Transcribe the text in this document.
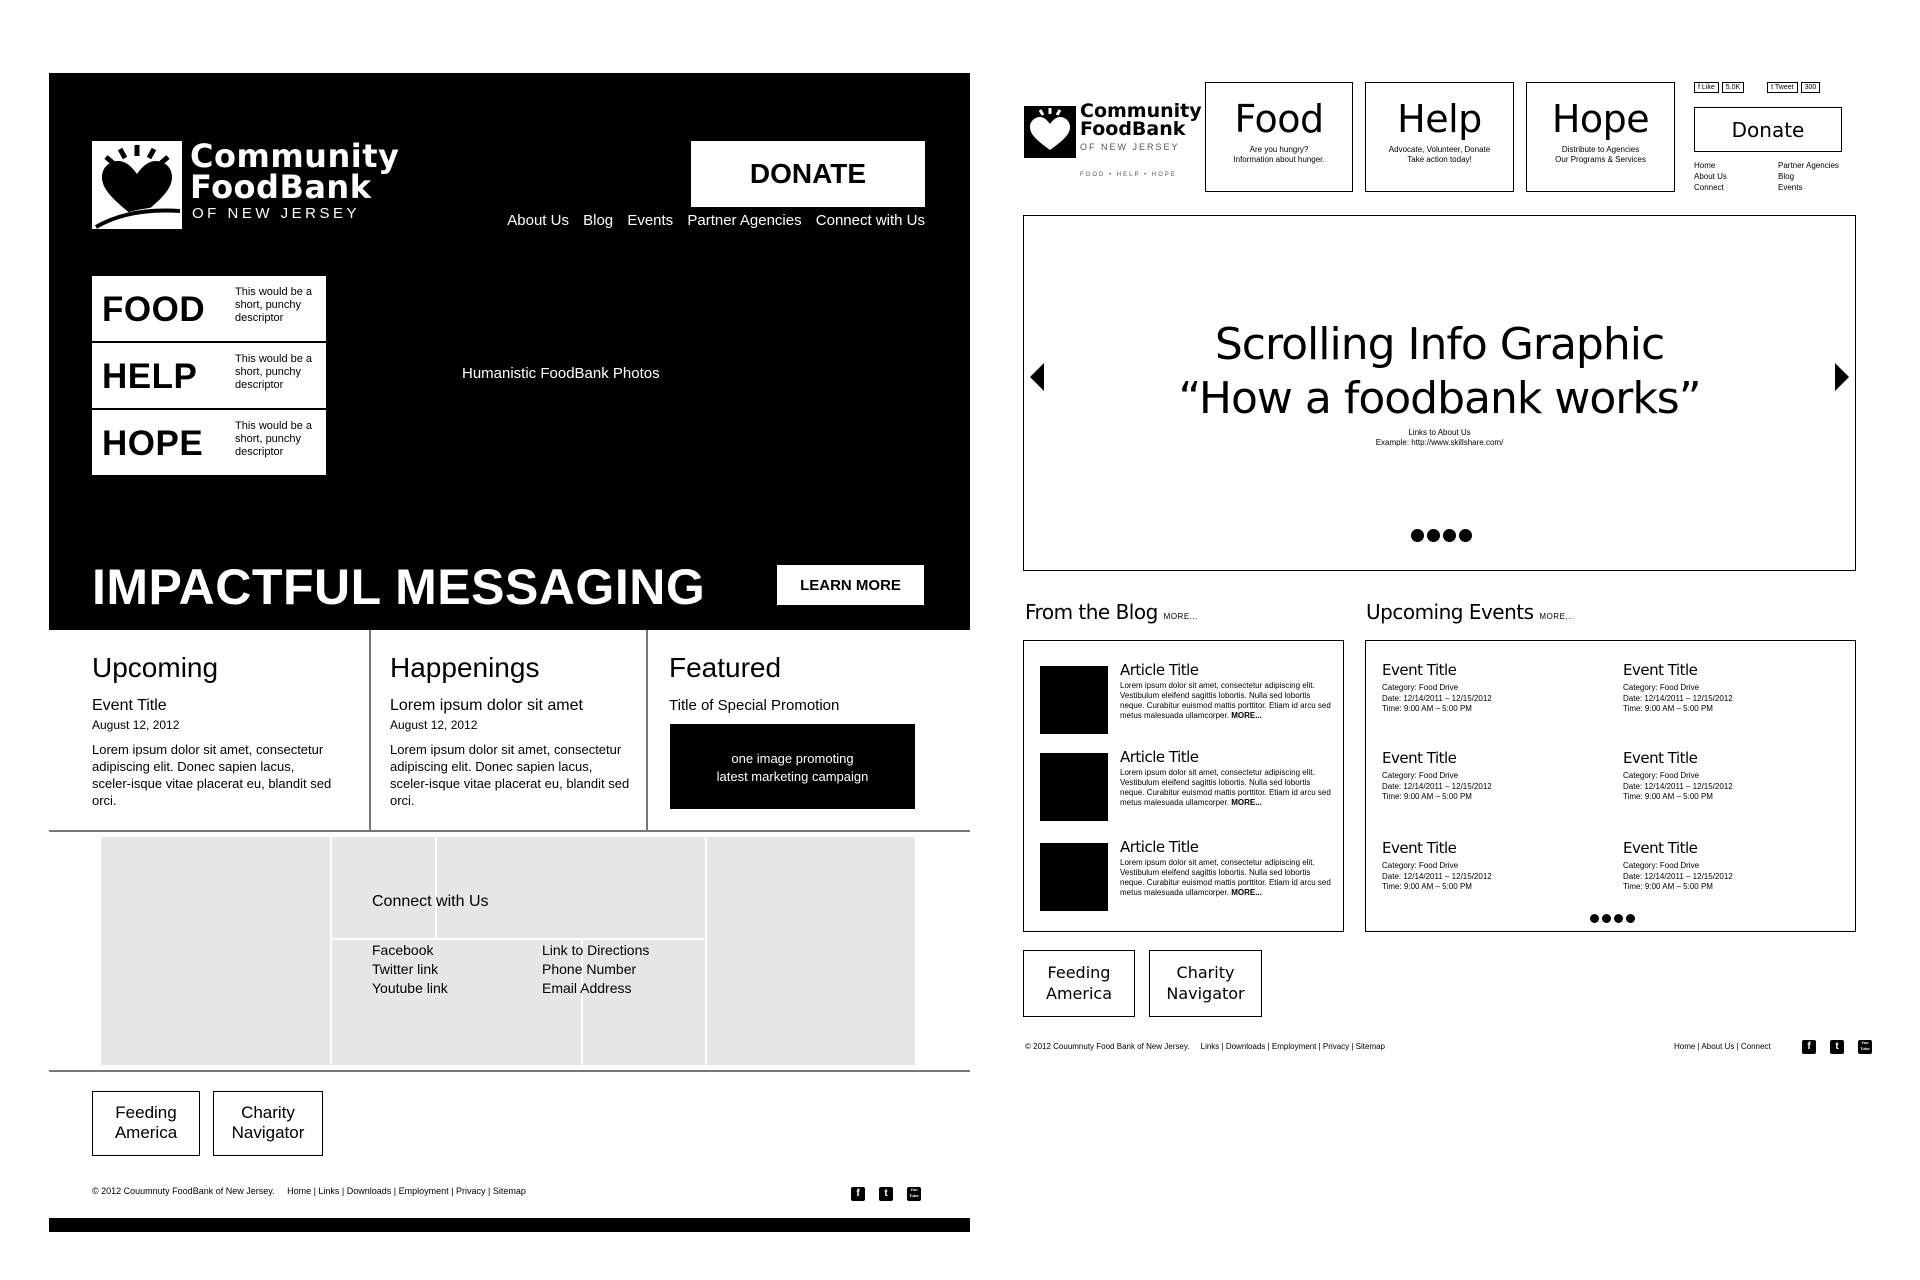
Community
FoodBank
OF NEW JERSEY
DONATE
About Us Blog Events Partner Agencies Connect with Us
FOOD	This would be a short, punchy descriptor
HELP	This would be a short, punchy descriptor
HOPE	This would be a short, punchy descriptor
Humanistic FoodBank Photos
IMPACTFUL MESSAGING	LEARN MORE
Upcoming
Event Title
August 12, 2012
Lorem ipsum dolor sit amet, consectetur adipiscing elit. Donec sapien lacus, sceler-isque vitae placerat eu, blandit sed orci.
Happenings
Lorem ipsum dolor sit amet
August 12, 2012
Lorem ipsum dolor sit amet, consectetur adipiscing elit. Donec sapien lacus, sceler-isque vitae placerat eu, blandit sed orci.
Featured
Title of Special Promotion
one image promoting
latest marketing campaign
Connect with Us
Facebook
Twitter link
Youtube link
Link to Directions
Phone Number
Email Address
Feeding
America
Charity
Navigator
© 2012 Couumnuty FoodBank of New Jersey. Home | Links | Downloads | Employment | Privacy | Sitemap	f	t	You Tube
Community
FoodBank
OF NEW JERSEY
FOOD • HELP • HOPE
Food
Are you hungry?
Information about hunger.
Help
Advocate, Volunteer, Donate
Take action today!
Hope
Distribute to Agencies
Our Programs & Services
f Like	5.0K	t Tweet	300
Donate
Home
About Us
Connect
Partner Agencies
Blog
Events
Scrolling Info Graphic
“How a foodbank works”
Links to About Us
Example: http://www.skillshare.com/
From the Blog MORE...	Upcoming Events MORE...
Article Title
Lorem ipsum dolor sit amet, consectetur adipiscing elit. Vestibulum eleifend sagittis lobortis. Nulla sed lobortis neque. Curabitur euismod mattis porttitor. Etiam id arcu sed metus malesuada ullamcorper. MORE...
Article Title
Lorem ipsum dolor sit amet, consectetur adipiscing elit. Vestibulum eleifend sagittis lobortis. Nulla sed lobortis neque. Curabitur euismod mattis porttitor. Etiam id arcu sed metus malesuada ullamcorper. MORE...
Article Title
Lorem ipsum dolor sit amet, consectetur adipiscing elit. Vestibulum eleifend sagittis lobortis. Nulla sed lobortis neque. Curabitur euismod mattis porttitor. Etiam id arcu sed metus malesuada ullamcorper. MORE...
Event Title
Category: Food Drive
Date: 12/14/2011 – 12/15/2012
Time: 9:00 AM – 5:00 PM
Event Title
Category: Food Drive
Date: 12/14/2011 – 12/15/2012
Time: 9:00 AM – 5:00 PM
Event Title
Category: Food Drive
Date: 12/14/2011 – 12/15/2012
Time: 9:00 AM – 5:00 PM
Event Title
Category: Food Drive
Date: 12/14/2011 – 12/15/2012
Time: 9:00 AM – 5:00 PM
Event Title
Category: Food Drive
Date: 12/14/2011 – 12/15/2012
Time: 9:00 AM – 5:00 PM
Event Title
Category: Food Drive
Date: 12/14/2011 – 12/15/2012
Time: 9:00 AM – 5:00 PM
Feeding
America
Charity
Navigator
© 2012 Couumnuty Food Bank of New Jersey. Links | Downloads | Employment | Privacy | Sitemap	Home | About Us | Connect	f	t	You Tube
